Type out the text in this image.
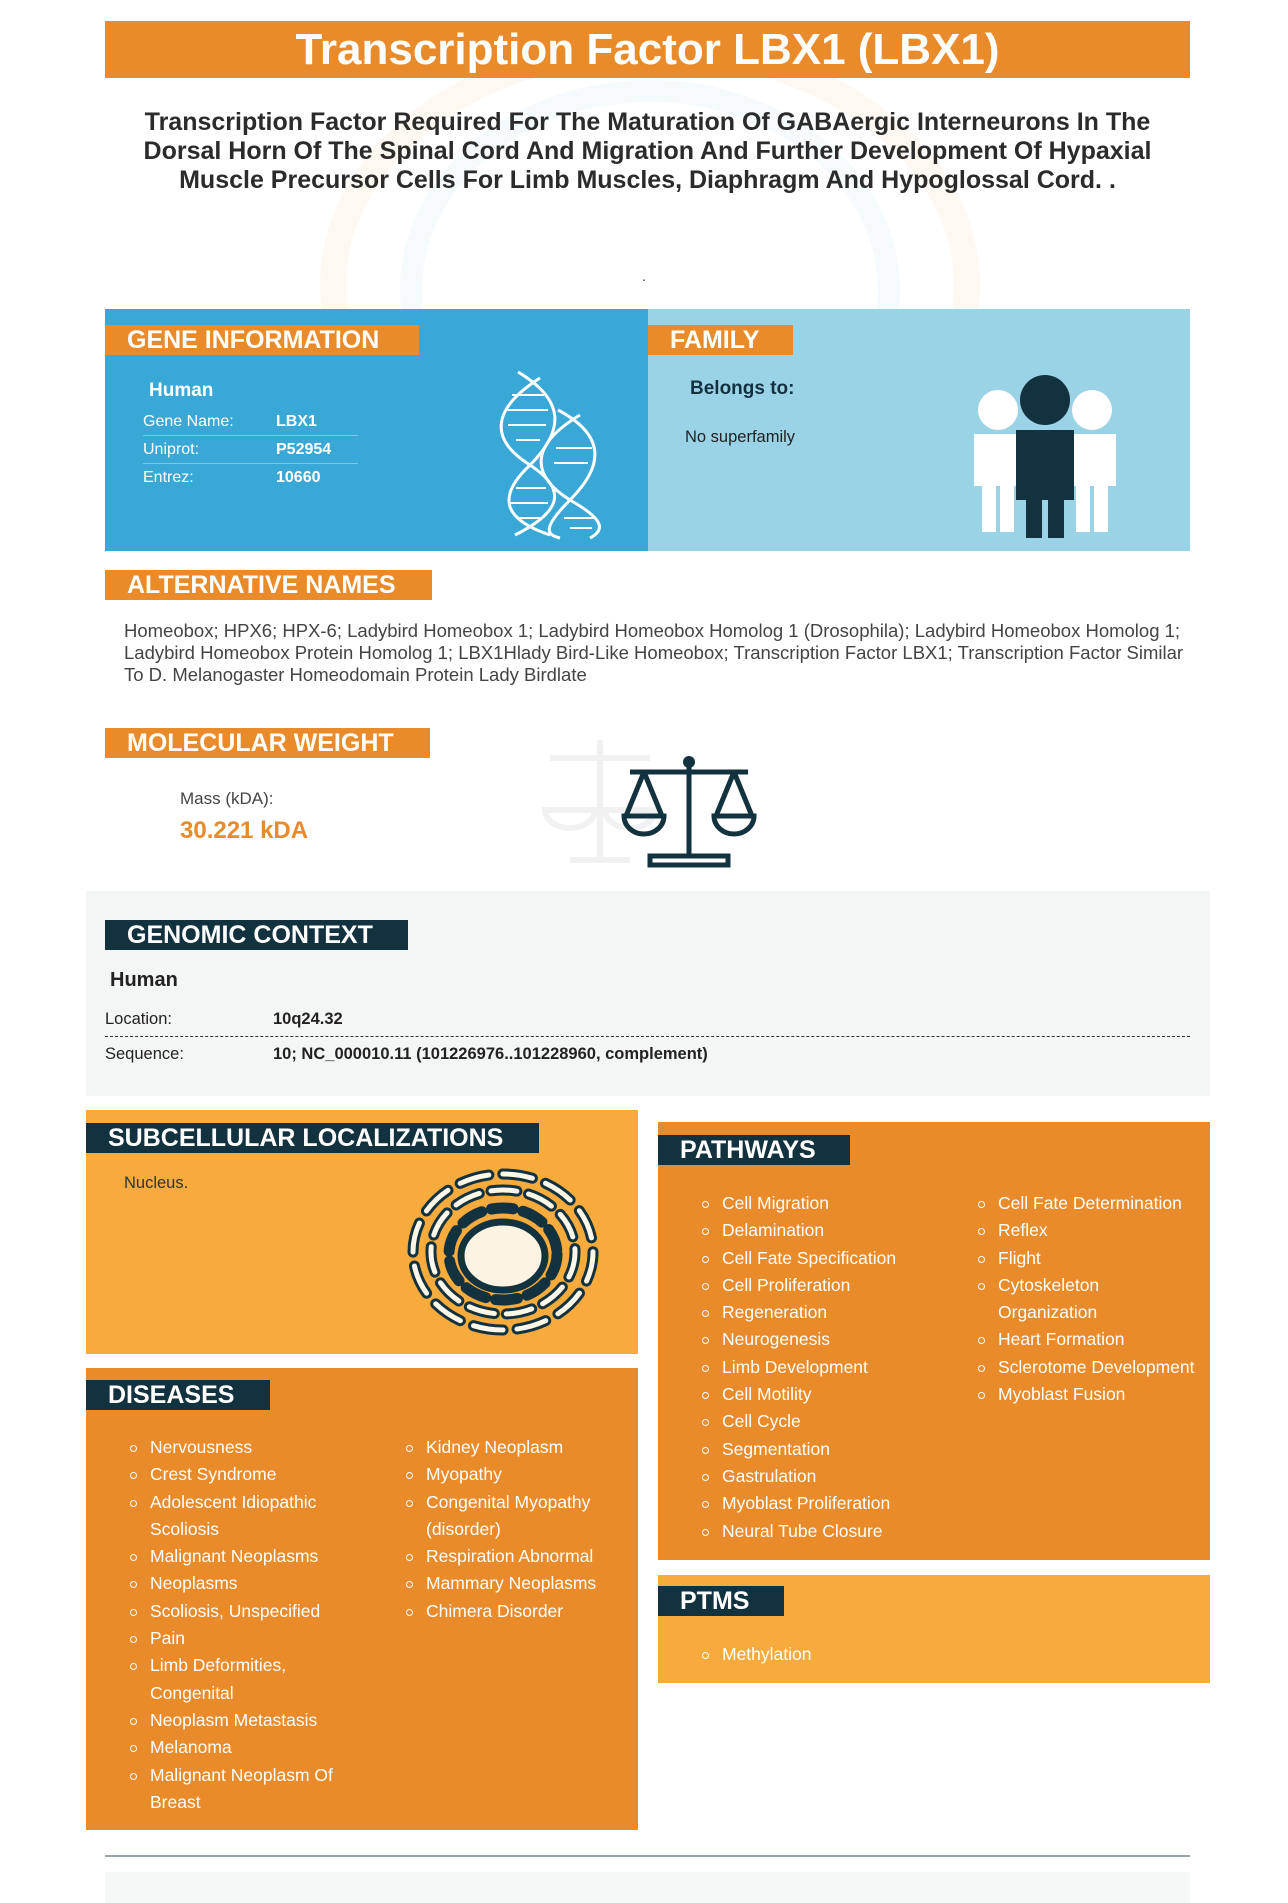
Transcription Factor LBX1 (LBX1)
Transcription Factor Required For The Maturation Of GABAergic Interneurons In The Dorsal Horn Of The Spinal Cord And Migration And Further Development Of Hypaxial Muscle Precursor Cells For Limb Muscles, Diaphragm And Hypoglossal Cord. .
.
GENE INFORMATION
Human
Gene Name:	LBX1
Uniprot:	P52954
Entrez:	10660
FAMILY
Belongs to:
No superfamily
ALTERNATIVE NAMES
Homeobox; HPX6; HPX-6; Ladybird Homeobox 1; Ladybird Homeobox Homolog 1 (Drosophila); Ladybird Homeobox Homolog 1; Ladybird Homeobox Protein Homolog 1; LBX1Hlady Bird-Like Homeobox; Transcription Factor LBX1; Transcription Factor Similar To D. Melanogaster Homeodomain Protein Lady Birdlate
MOLECULAR WEIGHT
Mass (kDA):
30.221 kDA
GENOMIC CONTEXT
Human
Location:	10q24.32
Sequence:	10; NC_000010.11 (101226976..101228960, complement)
SUBCELLULAR LOCALIZATIONS
Nucleus.
PATHWAYS
Cell Migration
Delamination
Cell Fate Specification
Cell Proliferation
Regeneration
Neurogenesis
Limb Development
Cell Motility
Cell Cycle
Segmentation
Gastrulation
Myoblast Proliferation
Neural Tube Closure
Cell Fate Determination
Reflex
Flight
Cytoskeleton Organization
Heart Formation
Sclerotome Development
Myoblast Fusion
DISEASES
Nervousness
Crest Syndrome
Adolescent Idiopathic Scoliosis
Malignant Neoplasms
Neoplasms
Scoliosis, Unspecified
Pain
Limb Deformities, Congenital
Neoplasm Metastasis
Melanoma
Malignant Neoplasm Of Breast
Kidney Neoplasm
Myopathy
Congenital Myopathy (disorder)
Respiration Abnormal
Mammary Neoplasms
Chimera Disorder	PTMS
Methylation
